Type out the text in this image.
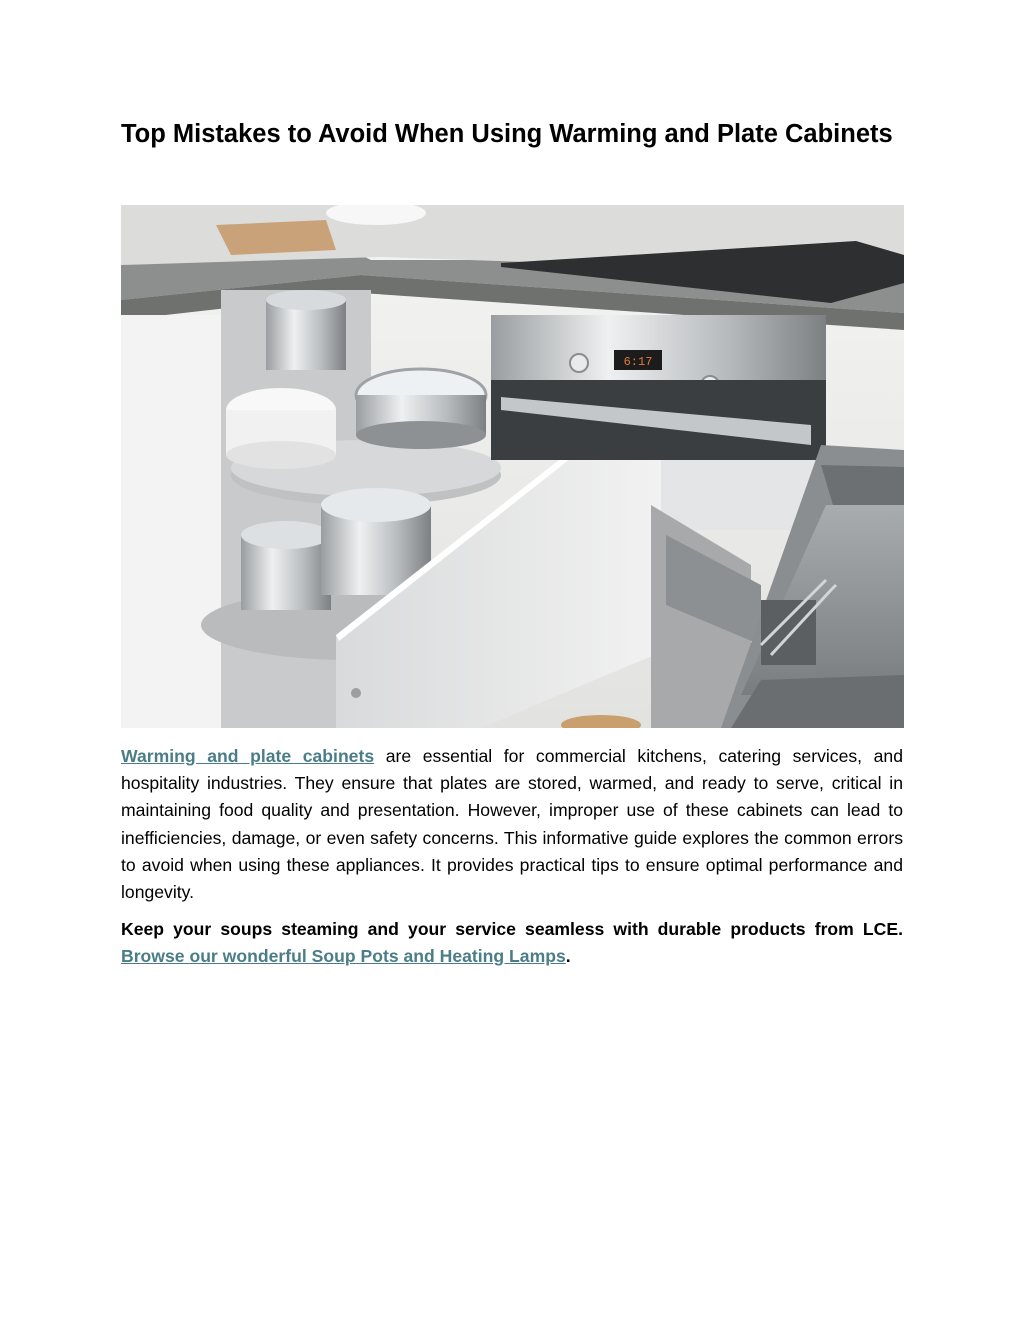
Top Mistakes to Avoid When Using Warming and Plate Cabinets
6:17

Warming and plate cabinets are essential for commercial kitchens, catering services, and hospitality industries. They ensure that plates are stored, warmed, and ready to serve, critical in maintaining food quality and presentation. However, improper use of these cabinets can lead to inefficiencies, damage, or even safety concerns. This informative guide explores the common errors to avoid when using these appliances. It provides practical tips to ensure optimal performance and longevity.

Keep your soups steaming and your service seamless with durable products from LCE. Browse our wonderful Soup Pots and Heating Lamps.
